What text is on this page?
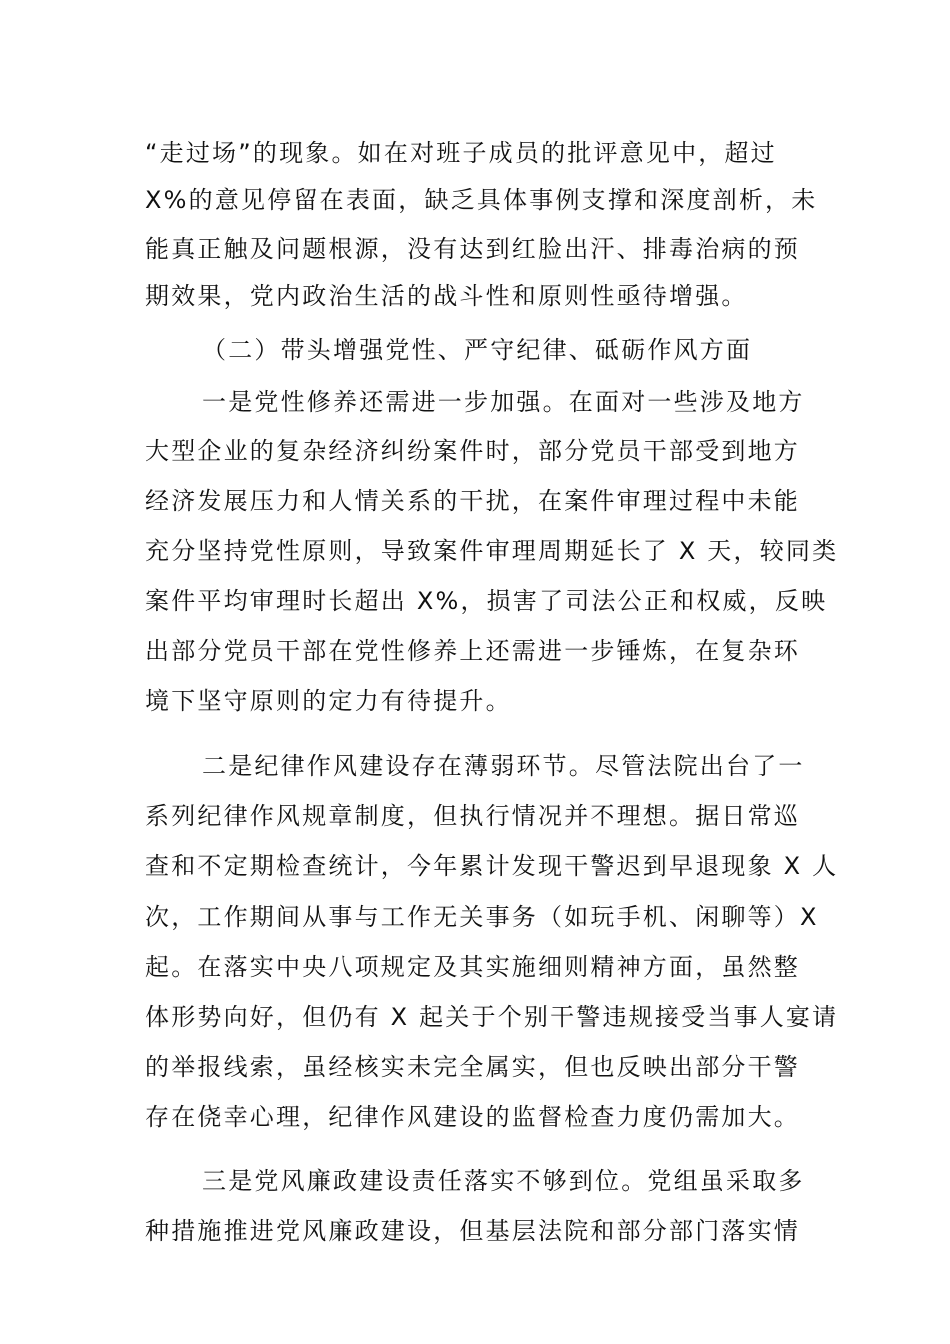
“走过场”的现象。如在对班子成员的批评意见中，超过
X%的意见停留在表面，缺乏具体事例支撑和深度剖析，未
能真正触及问题根源，没有达到红脸出汗、排毒治病的预
期效果，党内政治生活的战斗性和原则性亟待增强。
（二）带头增强党性、严守纪律、砥砺作风方面
一是党性修养还需进一步加强。在面对一些涉及地方
大型企业的复杂经济纠纷案件时，部分党员干部受到地方
经济发展压力和人情关系的干扰，在案件审理过程中未能
充分坚持党性原则，导致案件审理周期延长了 X 天，较同类
案件平均审理时长超出 X%，损害了司法公正和权威，反映
出部分党员干部在党性修养上还需进一步锤炼，在复杂环
境下坚守原则的定力有待提升。
二是纪律作风建设存在薄弱环节。尽管法院出台了一
系列纪律作风规章制度，但执行情况并不理想。据日常巡
查和不定期检查统计，今年累计发现干警迟到早退现象 X 人
次，工作期间从事与工作无关事务（如玩手机、闲聊等）X
起。在落实中央八项规定及其实施细则精神方面，虽然整
体形势向好，但仍有 X 起关于个别干警违规接受当事人宴请
的举报线索，虽经核实未完全属实，但也反映出部分干警
存在侥幸心理，纪律作风建设的监督检查力度仍需加大。
三是党风廉政建设责任落实不够到位。党组虽采取多
种措施推进党风廉政建设，但基层法院和部分部门落实情
